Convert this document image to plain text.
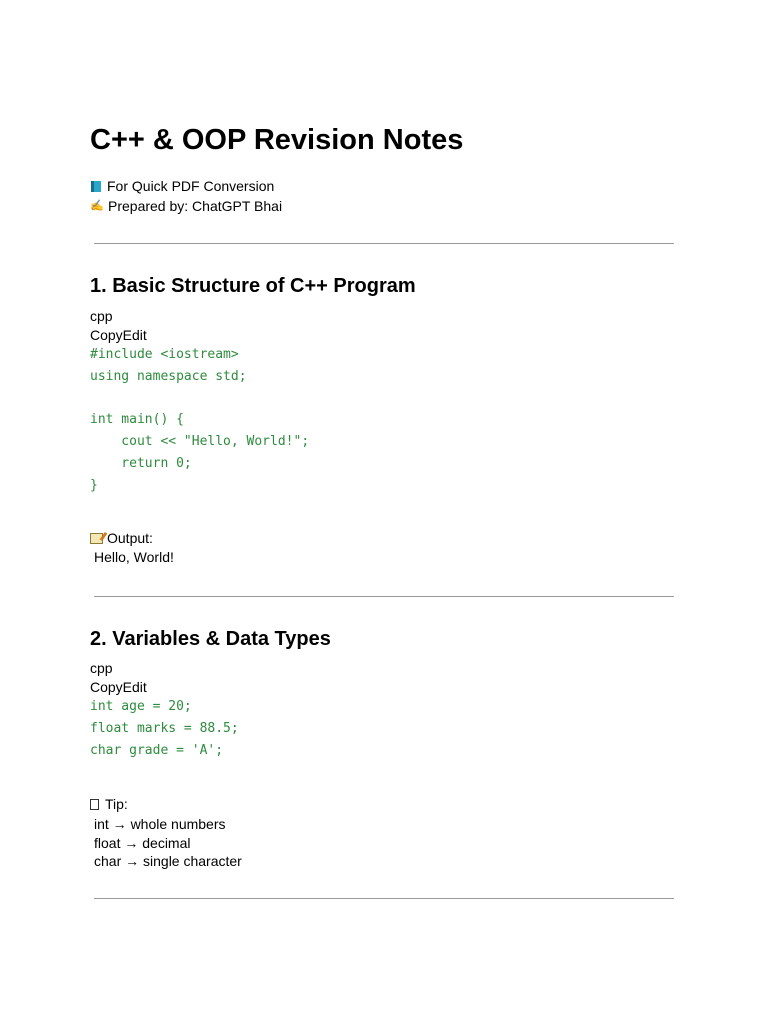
C++ & OOP Revision Notes
For Quick PDF Conversion
✍ Prepared by: ChatGPT Bhai
1. Basic Structure of C++ Program
cpp
CopyEdit
#include <iostream>
using namespace std;

int main() {
cout << "Hello, World!";
return 0;
}
Output:
Hello, World!
2. Variables & Data Types
cpp
CopyEdit
int age = 20;
float marks = 88.5;
char grade = 'A';
Tip:
int → whole numbers
float → decimal
char → single character
